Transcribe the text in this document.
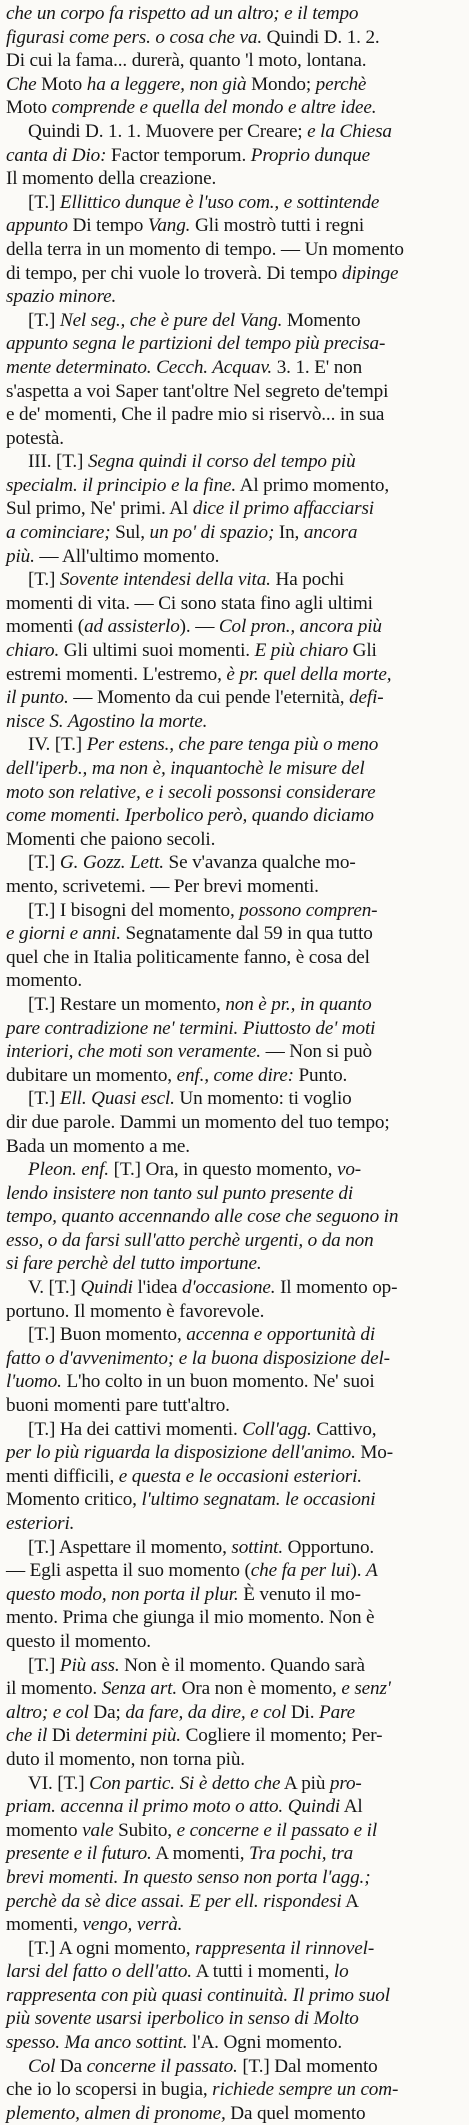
che un corpo fa rispetto ad un altro; e il tempo
figurasi come pers. o cosa che va. Quindi D. 1. 2.
Di cui la fama... durerà, quanto 'l moto, lontana.
Che Moto ha a leggere, non già Mondo; perchè
Moto comprende e quella del mondo e altre idee.
Quindi D. 1. 1. Muovere per Creare; e la Chiesa
canta di Dio: Factor temporum. Proprio dunque
Il momento della creazione.
[T.] Ellittico dunque è l'uso com., e sottintende
appunto Di tempo Vang. Gli mostrò tutti i regni
della terra in un momento di tempo. — Un momento
di tempo, per chi vuole lo troverà. Di tempo dipinge
spazio minore.
[T.] Nel seg., che è pure del Vang. Momento
appunto segna le partizioni del tempo più precisa-
mente determinato. Cecch. Acquav. 3. 1. E' non
s'aspetta a voi Saper tant'oltre Nel segreto de'tempi
e de' momenti, Che il padre mio si riservò... in sua
potestà.
III. [T.] Segna quindi il corso del tempo più
specialm. il principio e la fine. Al primo momento,
Sul primo, Ne' primi. Al dice il primo affacciarsi
a cominciare; Sul, un po' di spazio; In, ancora
più. — All'ultimo momento.
[T.] Sovente intendesi della vita. Ha pochi
momenti di vita. — Ci sono stata fino agli ultimi
momenti (ad assisterlo). — Col pron., ancora più
chiaro. Gli ultimi suoi momenti. E più chiaro Gli
estremi momenti. L'estremo, è pr. quel della morte,
il punto. — Momento da cui pende l'eternità, defi-
nisce S. Agostino la morte.
IV. [T.] Per estens., che pare tenga più o meno
dell'iperb., ma non è, inquantochè le misure del
moto son relative, e i secoli possonsi considerare
come momenti. Iperbolico però, quando diciamo
Momenti che paiono secoli.
[T.] G. Gozz. Lett. Se v'avanza qualche mo-
mento, scrivetemi. — Per brevi momenti.
[T.] I bisogni del momento, possono compren-
e giorni e anni. Segnatamente dal 59 in qua tutto
quel che in Italia politicamente fanno, è cosa del
momento.
[T.] Restare un momento, non è pr., in quanto
pare contradizione ne' termini. Piuttosto de' moti
interiori, che moti son veramente. — Non si può
dubitare un momento, enf., come dire: Punto.
[T.] Ell. Quasi escl. Un momento: ti voglio
dir due parole. Dammi un momento del tuo tempo;
Bada un momento a me.
Pleon. enf. [T.] Ora, in questo momento, vo-
lendo insistere non tanto sul punto presente di
tempo, quanto accennando alle cose che seguono in
esso, o da farsi sull'atto perchè urgenti, o da non
si fare perchè del tutto importune.
V. [T.] Quindi l'idea d'occasione. Il momento op-
portuno. Il momento è favorevole.
[T.] Buon momento, accenna e opportunità di
fatto o d'avvenimento; e la buona disposizione del-
l'uomo. L'ho colto in un buon momento. Ne' suoi
buoni momenti pare tutt'altro.
[T.] Ha dei cattivi momenti. Coll'agg. Cattivo,
per lo più riguarda la disposizione dell'animo. Mo-
menti difficili, e questa e le occasioni esteriori.
Momento critico, l'ultimo segnatam. le occasioni
esteriori.
[T.] Aspettare il momento, sottint. Opportuno.
— Egli aspetta il suo momento (che fa per lui). A
questo modo, non porta il plur. È venuto il mo-
mento. Prima che giunga il mio momento. Non è
questo il momento.
[T.] Più ass. Non è il momento. Quando sarà
il momento. Senza art. Ora non è momento, e senz'
altro; e col Da; da fare, da dire, e col Di. Pare
che il Di determini più. Cogliere il momento; Per-
duto il momento, non torna più.
VI. [T.] Con partic. Si è detto che A più pro-
priam. accenna il primo moto o atto. Quindi Al
momento vale Subito, e concerne e il passato e il
presente e il futuro. A momenti, Tra pochi, tra
brevi momenti. In questo senso non porta l'agg.;
perchè da sè dice assai. E per ell. rispondesi A
momenti, vengo, verrà.
[T.] A ogni momento, rappresenta il rinnovel-
larsi del fatto o dell'atto. A tutti i momenti, lo
rappresenta con più quasi continuità. Il primo suol
più sovente usarsi iperbolico in senso di Molto
spesso. Ma anco sottint. l'A. Ogni momento.
Col Da concerne il passato. [T.] Dal momento
che io lo scopersi in bugia, richiede sempre un com-
plemento, almen di pronome, Da quel momento
